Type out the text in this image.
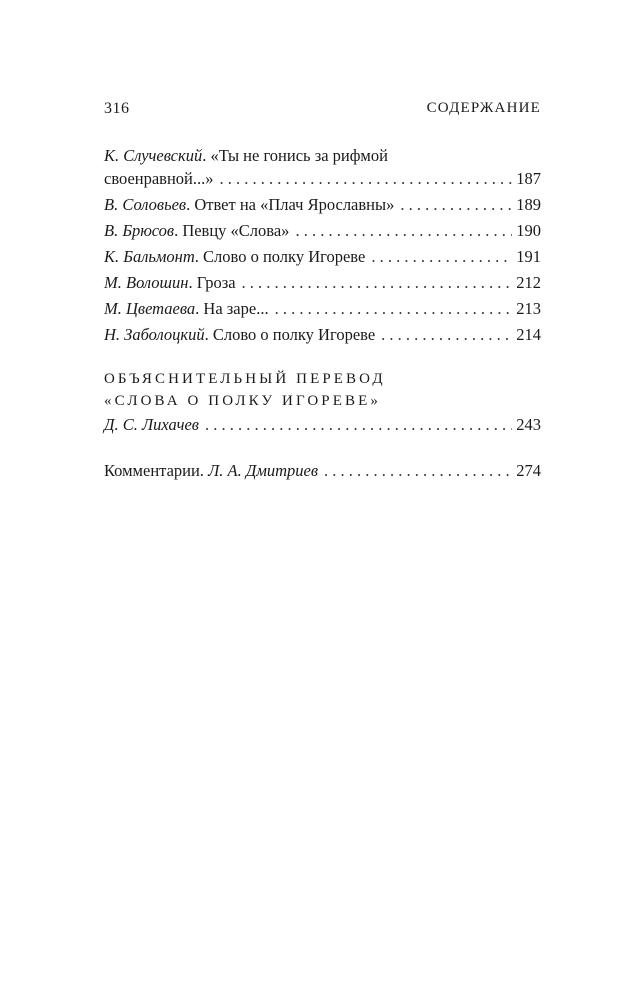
316	СОДЕРЖАНИЕ
К. Случевский. «Ты не гонись за рифмой
своенравной...» . . .	187
В. Соловьев. Ответ на «Плач Ярославны» . . .	189
В. Брюсов. Певцу «Слова» . . .	190
К. Бальмонт. Слово о полку Игореве . . .	191
М. Волошин. Гроза . . .	212
М. Цветаева. На заре... . . .	213
Н. Заболоцкий. Слово о полку Игореве . . .	214
ОБЪЯСНИТЕЛЬНЫЙ ПЕРЕВОД
«СЛОВА О ПОЛКУ ИГОРЕВЕ»
Д. С. Лихачев . . .	243
Комментарии. Л. А. Дмитриев . . .	274
